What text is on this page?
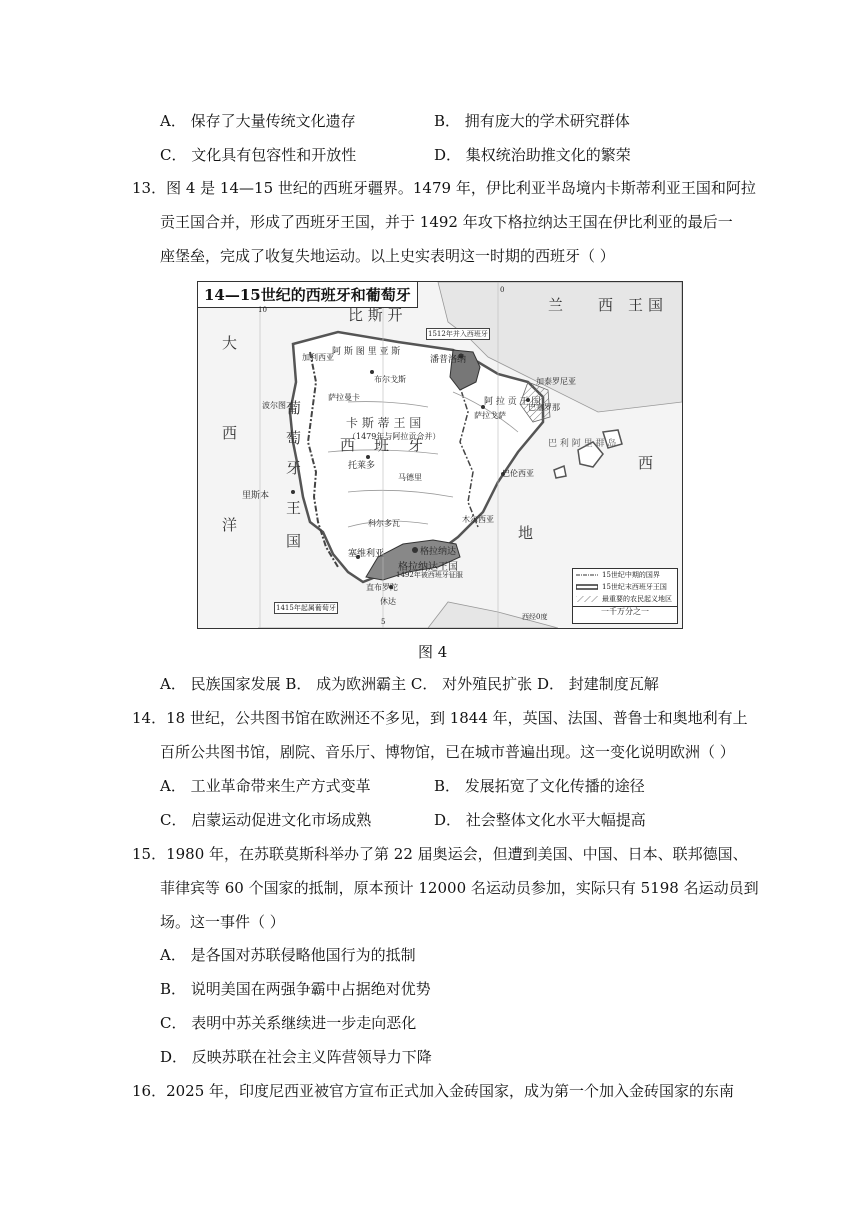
A． 保存了大量传统文化遗存	B． 拥有庞大的学术研究群体
C． 文化具有包容性和开放性	D． 集权统治助推文化的繁荣
13．图 4 是 14—15 世纪的西班牙疆界。1479 年，伊比利亚半岛境内卡斯蒂利亚王国和阿拉
贡王国合并，形成了西班牙王国，并于 1492 年攻下格拉纳达王国在伊比利亚的最后一
座堡垒，完成了收复失地运动。以上史实表明这一时期的西班牙（ ）
14—15世纪的西班牙和葡萄牙
兰 西 王 国
比 斯 开
大
西
洋
葡
萄
牙
王
国
阿 斯 图 里 亚 斯
潘普洛纳
1512年并入西班牙
卡 斯 蒂 王 国
（1479年与阿拉贡合并）
西 班 牙
阿 拉 贡 王 国
加泰罗尼亚
托莱多
里斯本
塞维利亚	格拉纳达
格拉纳达王国
1492年被西班牙征服
直布罗陀
休达
1415年起属葡萄牙
巴伦西亚
木尔西亚
科尔多瓦
西
地
巴 利 阿 里 群 岛
加利西亚
布尔戈斯
萨拉曼卡
波尔图
马德里
萨拉戈萨
巴塞罗那
西经0度
10
5
0
15世纪中期的国界
15世纪末西班牙王国
最重要的农民起义地区
一千万分之一
图 4
A． 民族国家发展 B． 成为欧洲霸主 C． 对外殖民扩张 D． 封建制度瓦解
14．18 世纪，公共图书馆在欧洲还不多见，到 1844 年，英国、法国、普鲁士和奥地利有上
百所公共图书馆，剧院、音乐厅、博物馆，已在城市普遍出现。这一变化说明欧洲（ ）
A． 工业革命带来生产方式变革	B． 发展拓宽了文化传播的途径
C． 启蒙运动促进文化市场成熟	D． 社会整体文化水平大幅提高
15．1980 年，在苏联莫斯科举办了第 22 届奥运会，但遭到美国、中国、日本、联邦德国、
菲律宾等 60 个国家的抵制，原本预计 12000 名运动员参加，实际只有 5198 名运动员到
场。这一事件（ ）
A． 是各国对苏联侵略他国行为的抵制
B． 说明美国在两强争霸中占据绝对优势
C． 表明中苏关系继续进一步走向恶化
D． 反映苏联在社会主义阵营领导力下降
16．2025 年，印度尼西亚被官方宣布正式加入金砖国家，成为第一个加入金砖国家的东南
